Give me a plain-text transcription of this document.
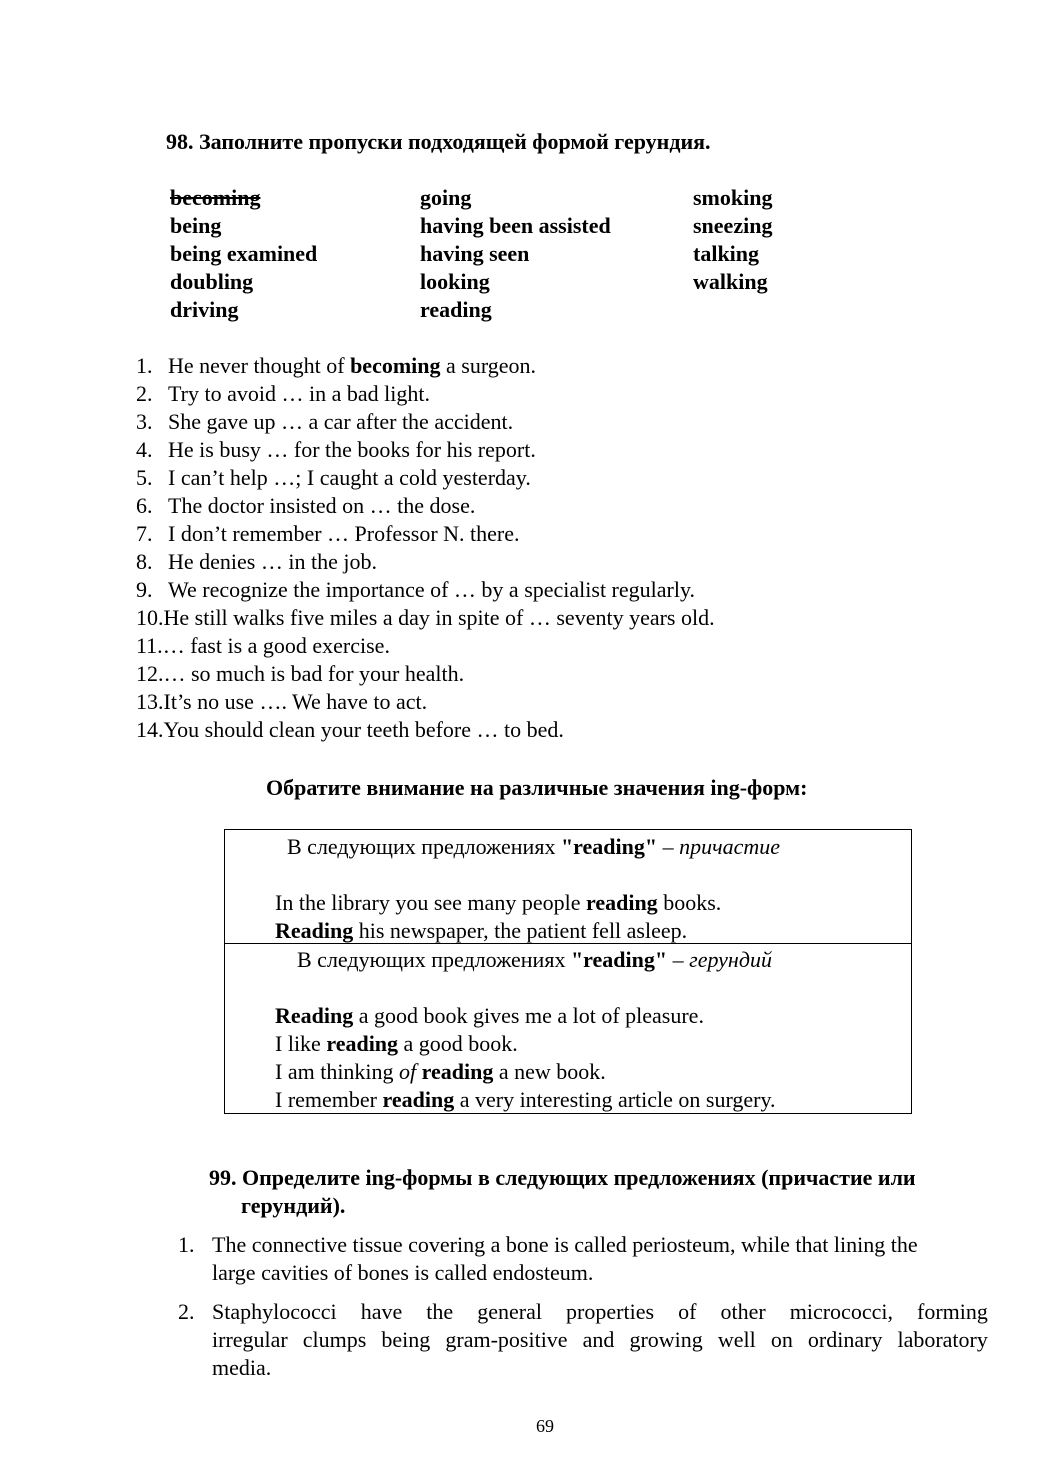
98. Заполните пропуски подходящей формой герундия.
becoming
being
being examined
doubling
driving
going
having been assisted
having seen
looking
reading
smoking
sneezing
talking
walking
1. He never thought of becoming a surgeon.
2. Try to avoid … in a bad light.
3. She gave up … a car after the accident.
4. He is busy … for the books for his report.
5. I can’t help …; I caught a cold yesterday.
6. The doctor insisted on … the dose.
7. I don’t remember … Professor N. there.
8. He denies … in the job.
9. We recognize the importance of … by a specialist regularly.
10.He still walks five miles a day in spite of … seventy years old.
11.… fast is a good exercise.
12.… so much is bad for your health.
13.It’s no use …. We have to act.
14.You should clean your teeth before … to bed.
Обратите внимание на различные значения ing-форм:
В следующих предложениях "reading" – причастие
In the library you see many people reading books.
Reading his newspaper, the patient fell asleep.
В следующих предложениях "reading" – герундий
Reading a good book gives me a lot of pleasure.
I like reading a good book.
I am thinking of reading a new book.
I remember reading a very interesting article on surgery.
99. Определите ing-формы в следующих предложениях (причастие или
герундий).
1. The connective tissue covering a bone is called periosteum, while that lining the
large cavities of bones is called endosteum.
2. Staphylococci have the general properties of other micrococci, forming
irregular clumps being gram-positive and growing well on ordinary laboratory
media.
69
